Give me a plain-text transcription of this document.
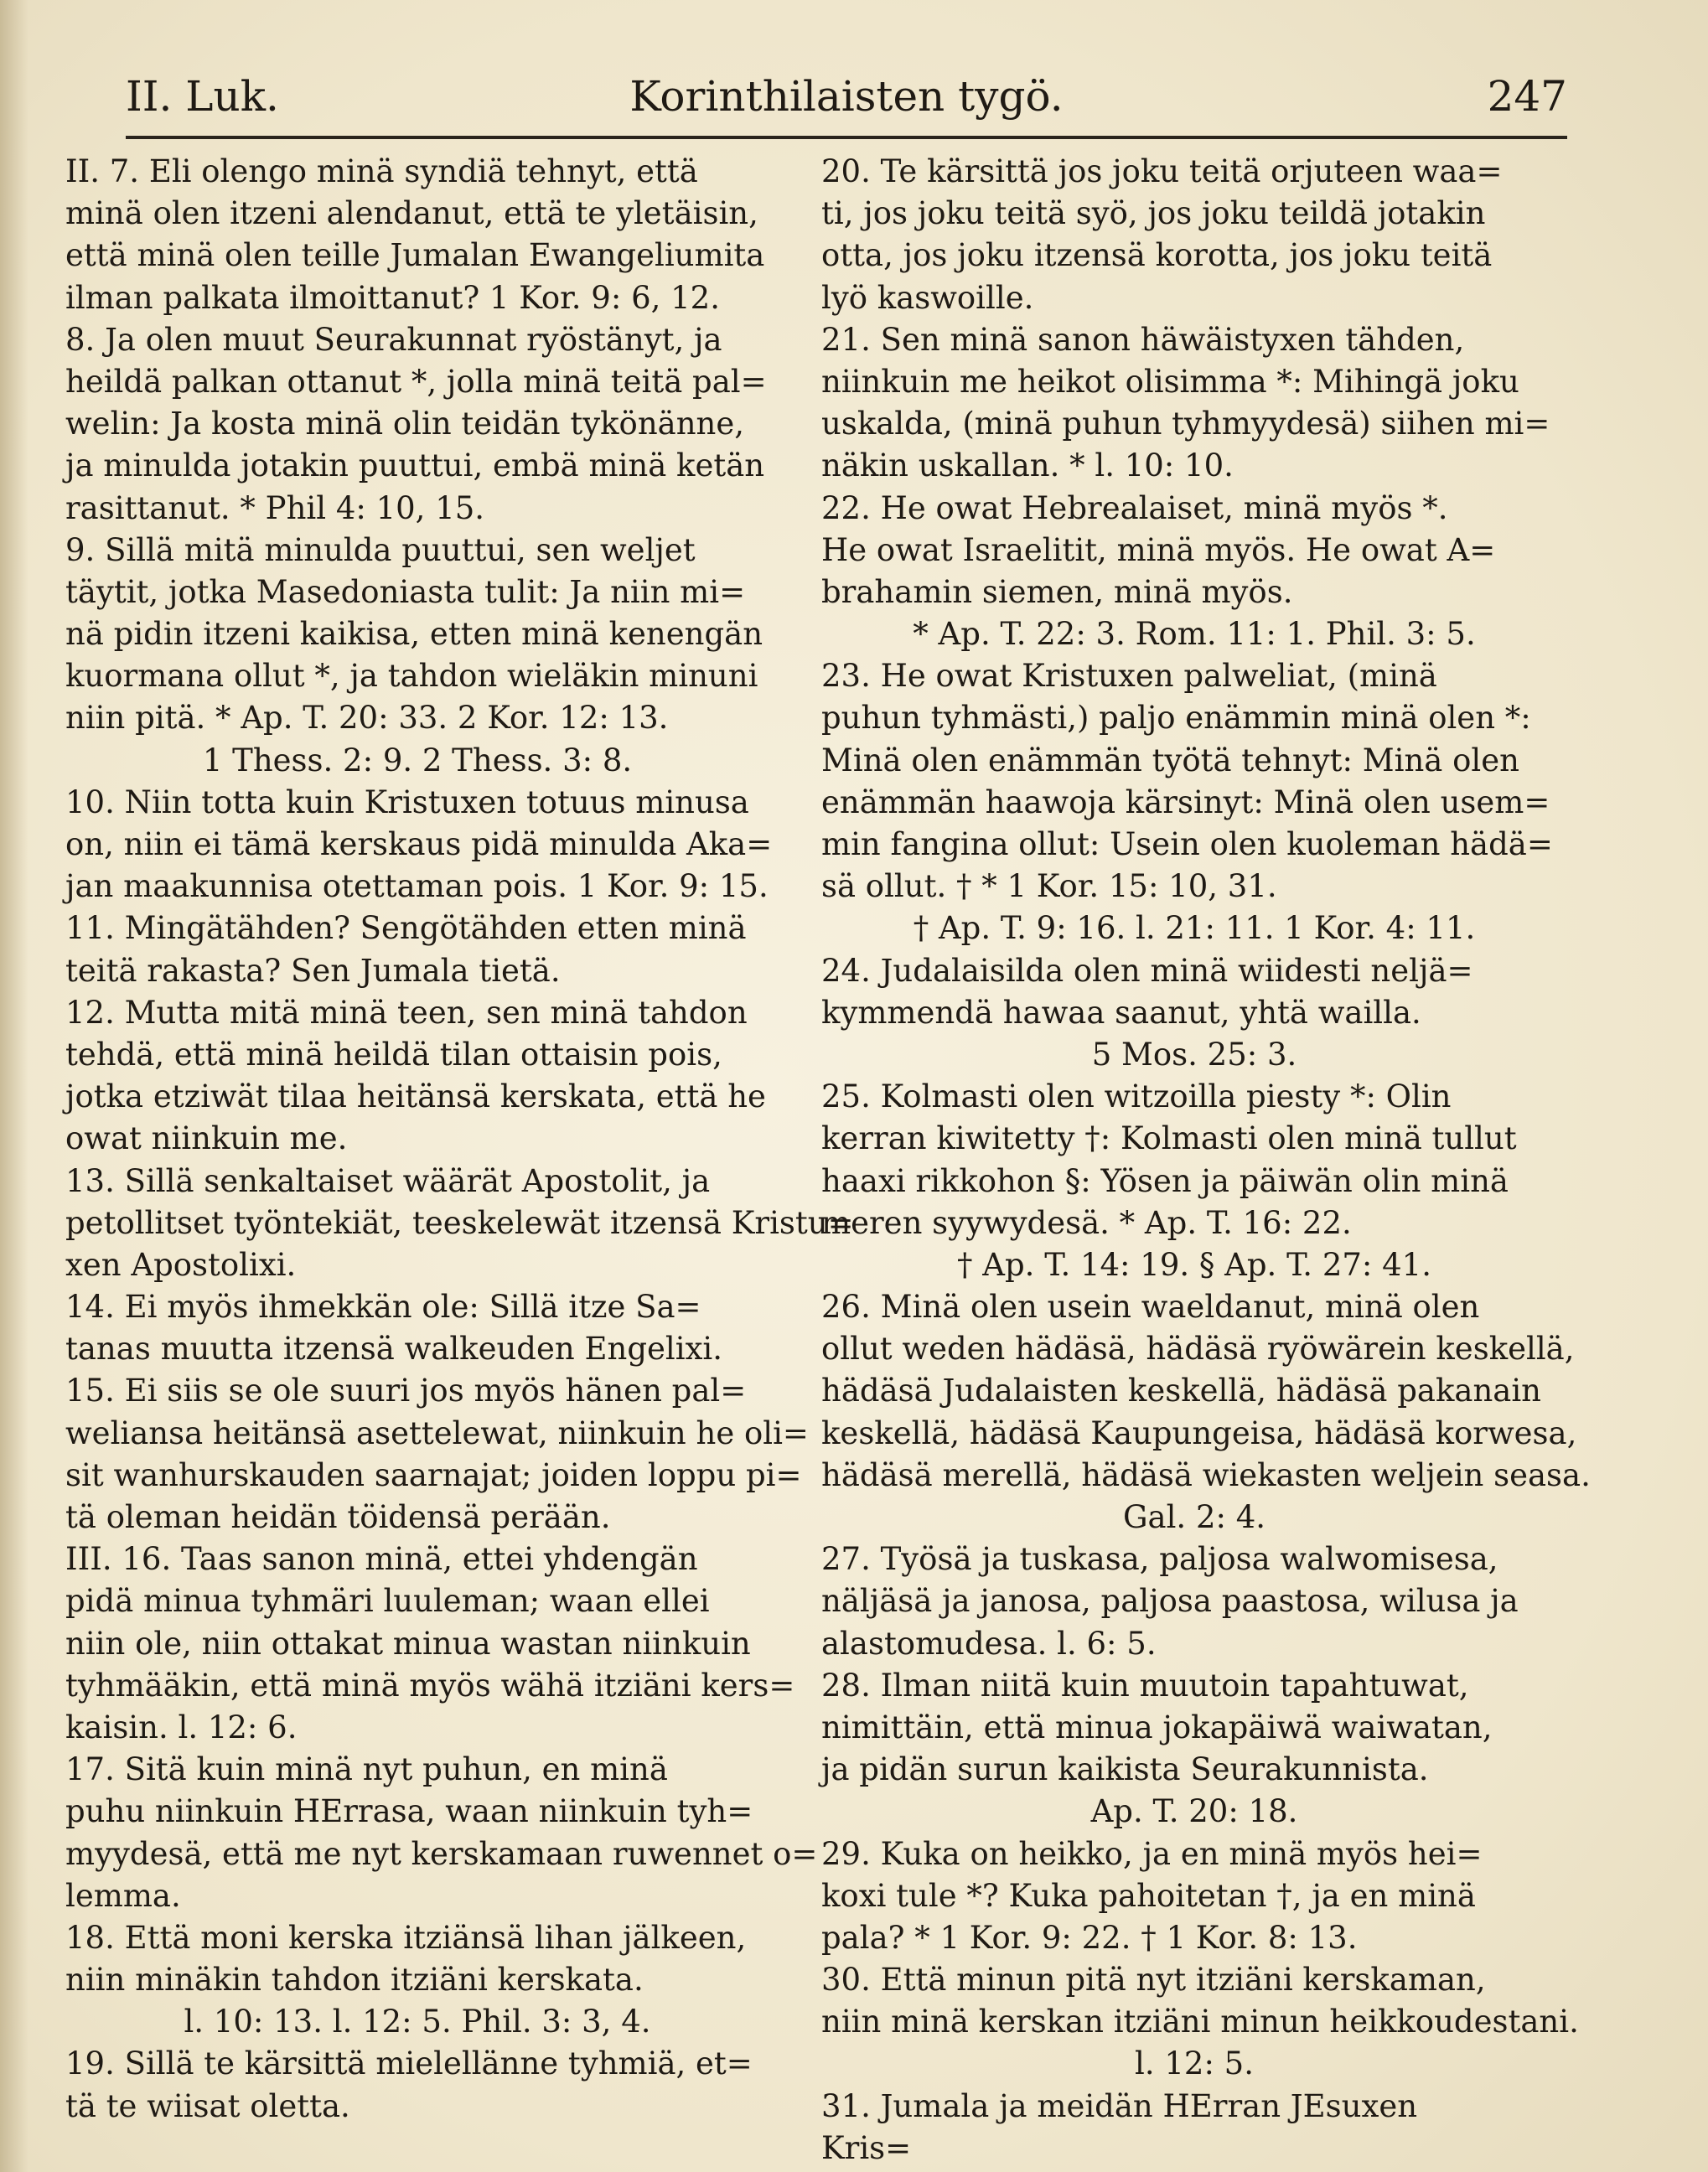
II. Luk.	Korinthilaisten tygö.	247
II. 7. Eli olengo minä syndiä tehnyt, että
minä olen itzeni alendanut, että te yletäisin,
että minä olen teille Jumalan Ewangeliumita
ilman palkata ilmoittanut? 1 Kor. 9: 6, 12.
8. Ja olen muut Seurakunnat ryöstänyt, ja
heildä palkan ottanut *, jolla minä teitä pal=
welin: Ja kosta minä olin teidän tykönänne,
ja minulda jotakin puuttui, embä minä ketän
rasittanut. * Phil 4: 10, 15.
9. Sillä mitä minulda puuttui, sen weljet
täytit, jotka Masedoniasta tulit: Ja niin mi=
nä pidin itzeni kaikisa, etten minä kenengän
kuormana ollut *, ja tahdon wieläkin minuni
niin pitä. * Ap. T. 20: 33. 2 Kor. 12: 13.
1 Thess. 2: 9. 2 Thess. 3: 8.
10. Niin totta kuin Kristuxen totuus minusa
on, niin ei tämä kerskaus pidä minulda Aka=
jan maakunnisa otettaman pois. 1 Kor. 9: 15.
11. Mingätähden? Sengötähden etten minä
teitä rakasta? Sen Jumala tietä.
12. Mutta mitä minä teen, sen minä tahdon
tehdä, että minä heildä tilan ottaisin pois,
jotka etziwät tilaa heitänsä kerskata, että he
owat niinkuin me.
13. Sillä senkaltaiset wäärät Apostolit, ja
petollitset työntekiät, teeskelewät itzensä Kristu=
xen Apostolixi.
14. Ei myös ihmekkän ole: Sillä itze Sa=
tanas muutta itzensä walkeuden Engelixi.
15. Ei siis se ole suuri jos myös hänen pal=
weliansa heitänsä asettelewat, niinkuin he oli=
sit wanhurskauden saarnajat; joiden loppu pi=
tä oleman heidän töidensä perään.
III. 16. Taas sanon minä, ettei yhdengän
pidä minua tyhmäri luuleman; waan ellei
niin ole, niin ottakat minua wastan niinkuin
tyhmääkin, että minä myös wähä itziäni kers=
kaisin. l. 12: 6.
17. Sitä kuin minä nyt puhun, en minä
puhu niinkuin HErrasa, waan niinkuin tyh=
myydesä, että me nyt kerskamaan ruwennet o=
lemma.
18. Että moni kerska itziänsä lihan jälkeen,
niin minäkin tahdon itziäni kerskata.
l. 10: 13. l. 12: 5. Phil. 3: 3, 4.
19. Sillä te kärsittä mielellänne tyhmiä, et=
tä te wiisat oletta.
20. Te kärsittä jos joku teitä orjuteen waa=
ti, jos joku teitä syö, jos joku teildä jotakin
otta, jos joku itzensä korotta, jos joku teitä
lyö kaswoille.
21. Sen minä sanon häwäistyxen tähden,
niinkuin me heikot olisimma *: Mihingä joku
uskalda, (minä puhun tyhmyydesä) siihen mi=
näkin uskallan. * l. 10: 10.
22. He owat Hebrealaiset, minä myös *.
He owat Israelitit, minä myös. He owat A=
brahamin siemen, minä myös.
* Ap. T. 22: 3. Rom. 11: 1. Phil. 3: 5.
23. He owat Kristuxen palweliat, (minä
puhun tyhmästi,) paljo enämmin minä olen *:
Minä olen enämmän työtä tehnyt: Minä olen
enämmän haawoja kärsinyt: Minä olen usem=
min fangina ollut: Usein olen kuoleman hädä=
sä ollut. † * 1 Kor. 15: 10, 31.
† Ap. T. 9: 16. l. 21: 11. 1 Kor. 4: 11.
24. Judalaisilda olen minä wiidesti neljä=
kymmendä hawaa saanut, yhtä wailla.
5 Mos. 25: 3.
25. Kolmasti olen witzoilla piesty *: Olin
kerran kiwitetty †: Kolmasti olen minä tullut
haaxi rikkohon §: Yösen ja päiwän olin minä
meren syywydesä. * Ap. T. 16: 22.
† Ap. T. 14: 19. § Ap. T. 27: 41.
26. Minä olen usein waeldanut, minä olen
ollut weden hädäsä, hädäsä ryöwärein keskellä,
hädäsä Judalaisten keskellä, hädäsä pakanain
keskellä, hädäsä Kaupungeisa, hädäsä korwesa,
hädäsä merellä, hädäsä wiekasten weljein seasa.
Gal. 2: 4.
27. Työsä ja tuskasa, paljosa walwomisesa,
näljäsä ja janosa, paljosa paastosa, wilusa ja
alastomudesa. l. 6: 5.
28. Ilman niitä kuin muutoin tapahtuwat,
nimittäin, että minua jokapäiwä waiwatan,
ja pidän surun kaikista Seurakunnista.
Ap. T. 20: 18.
29. Kuka on heikko, ja en minä myös hei=
koxi tule *? Kuka pahoitetan †, ja en minä
pala? * 1 Kor. 9: 22. † 1 Kor. 8: 13.
30. Että minun pitä nyt itziäni kerskaman,
niin minä kerskan itziäni minun heikkoudestani.
l. 12: 5.
31. Jumala ja meidän HErran JEsuxen
Kris=
